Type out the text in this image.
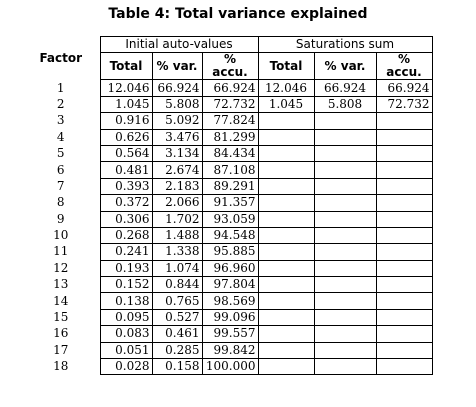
Table 4: Total variance explained
Factor	Initial auto-values			Saturations sum		
	Total	% var.	% accu.	Total	% var.	% accu.
1	12.046	66.924	66.924	12.046	66.924	66.924
2	1.045	5.808	72.732	1.045	5.808	72.732
3	0.916	5.092	77.824			
4	0.626	3.476	81.299			
5	0.564	3.134	84.434			
6	0.481	2.674	87.108			
7	0.393	2.183	89.291			
8	0.372	2.066	91.357			
9	0.306	1.702	93.059			
10	0.268	1.488	94.548			
11	0.241	1.338	95.885			
12	0.193	1.074	96.960			
13	0.152	0.844	97.804			
14	0.138	0.765	98.569			
15	0.095	0.527	99.096			
16	0.083	0.461	99.557			
17	0.051	0.285	99.842			
18	0.028	0.158	100.000			
